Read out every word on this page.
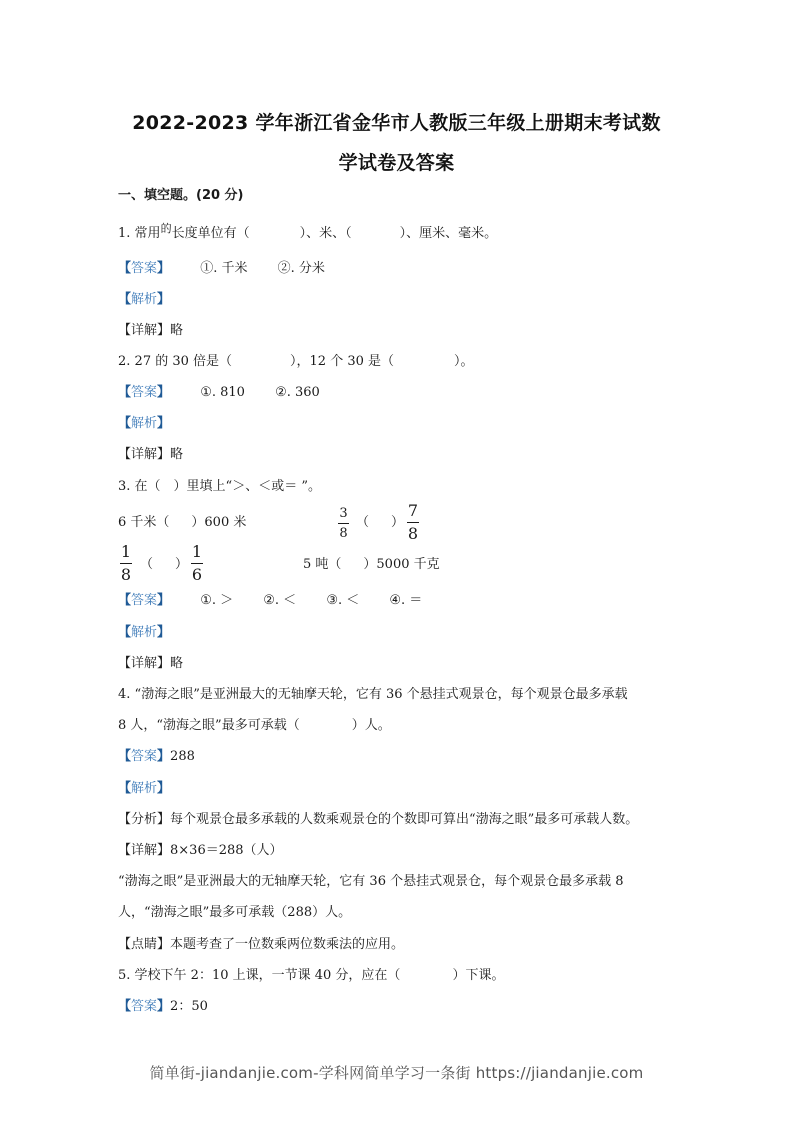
2022-2023 学年浙江省金华市人教版三年级上册期末考试数
学试卷及答案
一、填空题。(20 分)
1. 常用$^的$长度单位有（	）、米、（	）、厘米、毫米。
【答案】 ①. 千米 ②. 分米
【解析】
【详解】略
2. 27 的 30 倍是（	），12 个 30 是（	）。
【答案】 ①. 810 ②. 360
【解析】
【详解】略
3. 在（　）里填上“＞、＜或＝ ”。
6 千米（ ）600 米
3
8
（ ）
7
8
1
8
（ ）
1
6
5 吨（ ）5000 千克
【答案】 ①. ＞ ②. ＜ ③. ＜ ④. ＝
【解析】
【详解】略
4. “渤海之眼”是亚洲最大的无轴摩天轮，它有 36 个悬挂式观景仓，每个观景仓最多承载
8 人，“渤海之眼”最多可承载（	）人。
【答案】288
【解析】
【分析】每个观景仓最多承载的人数乘观景仓的个数即可算出“渤海之眼”最多可承载人数。
【详解】8×36＝288（人）
“渤海之眼”是亚洲最大的无轴摩天轮，它有 36 个悬挂式观景仓，每个观景仓最多承载 8
人，“渤海之眼”最多可承载（288）人。
【点睛】本题考查了一位数乘两位数乘法的应用。
5. 学校下午 2：10 上课，一节课 40 分，应在（	）下课。
【答案】2：50
简单街-jiandanjie.com-学科网简单学习一条街 https://jiandanjie.com
